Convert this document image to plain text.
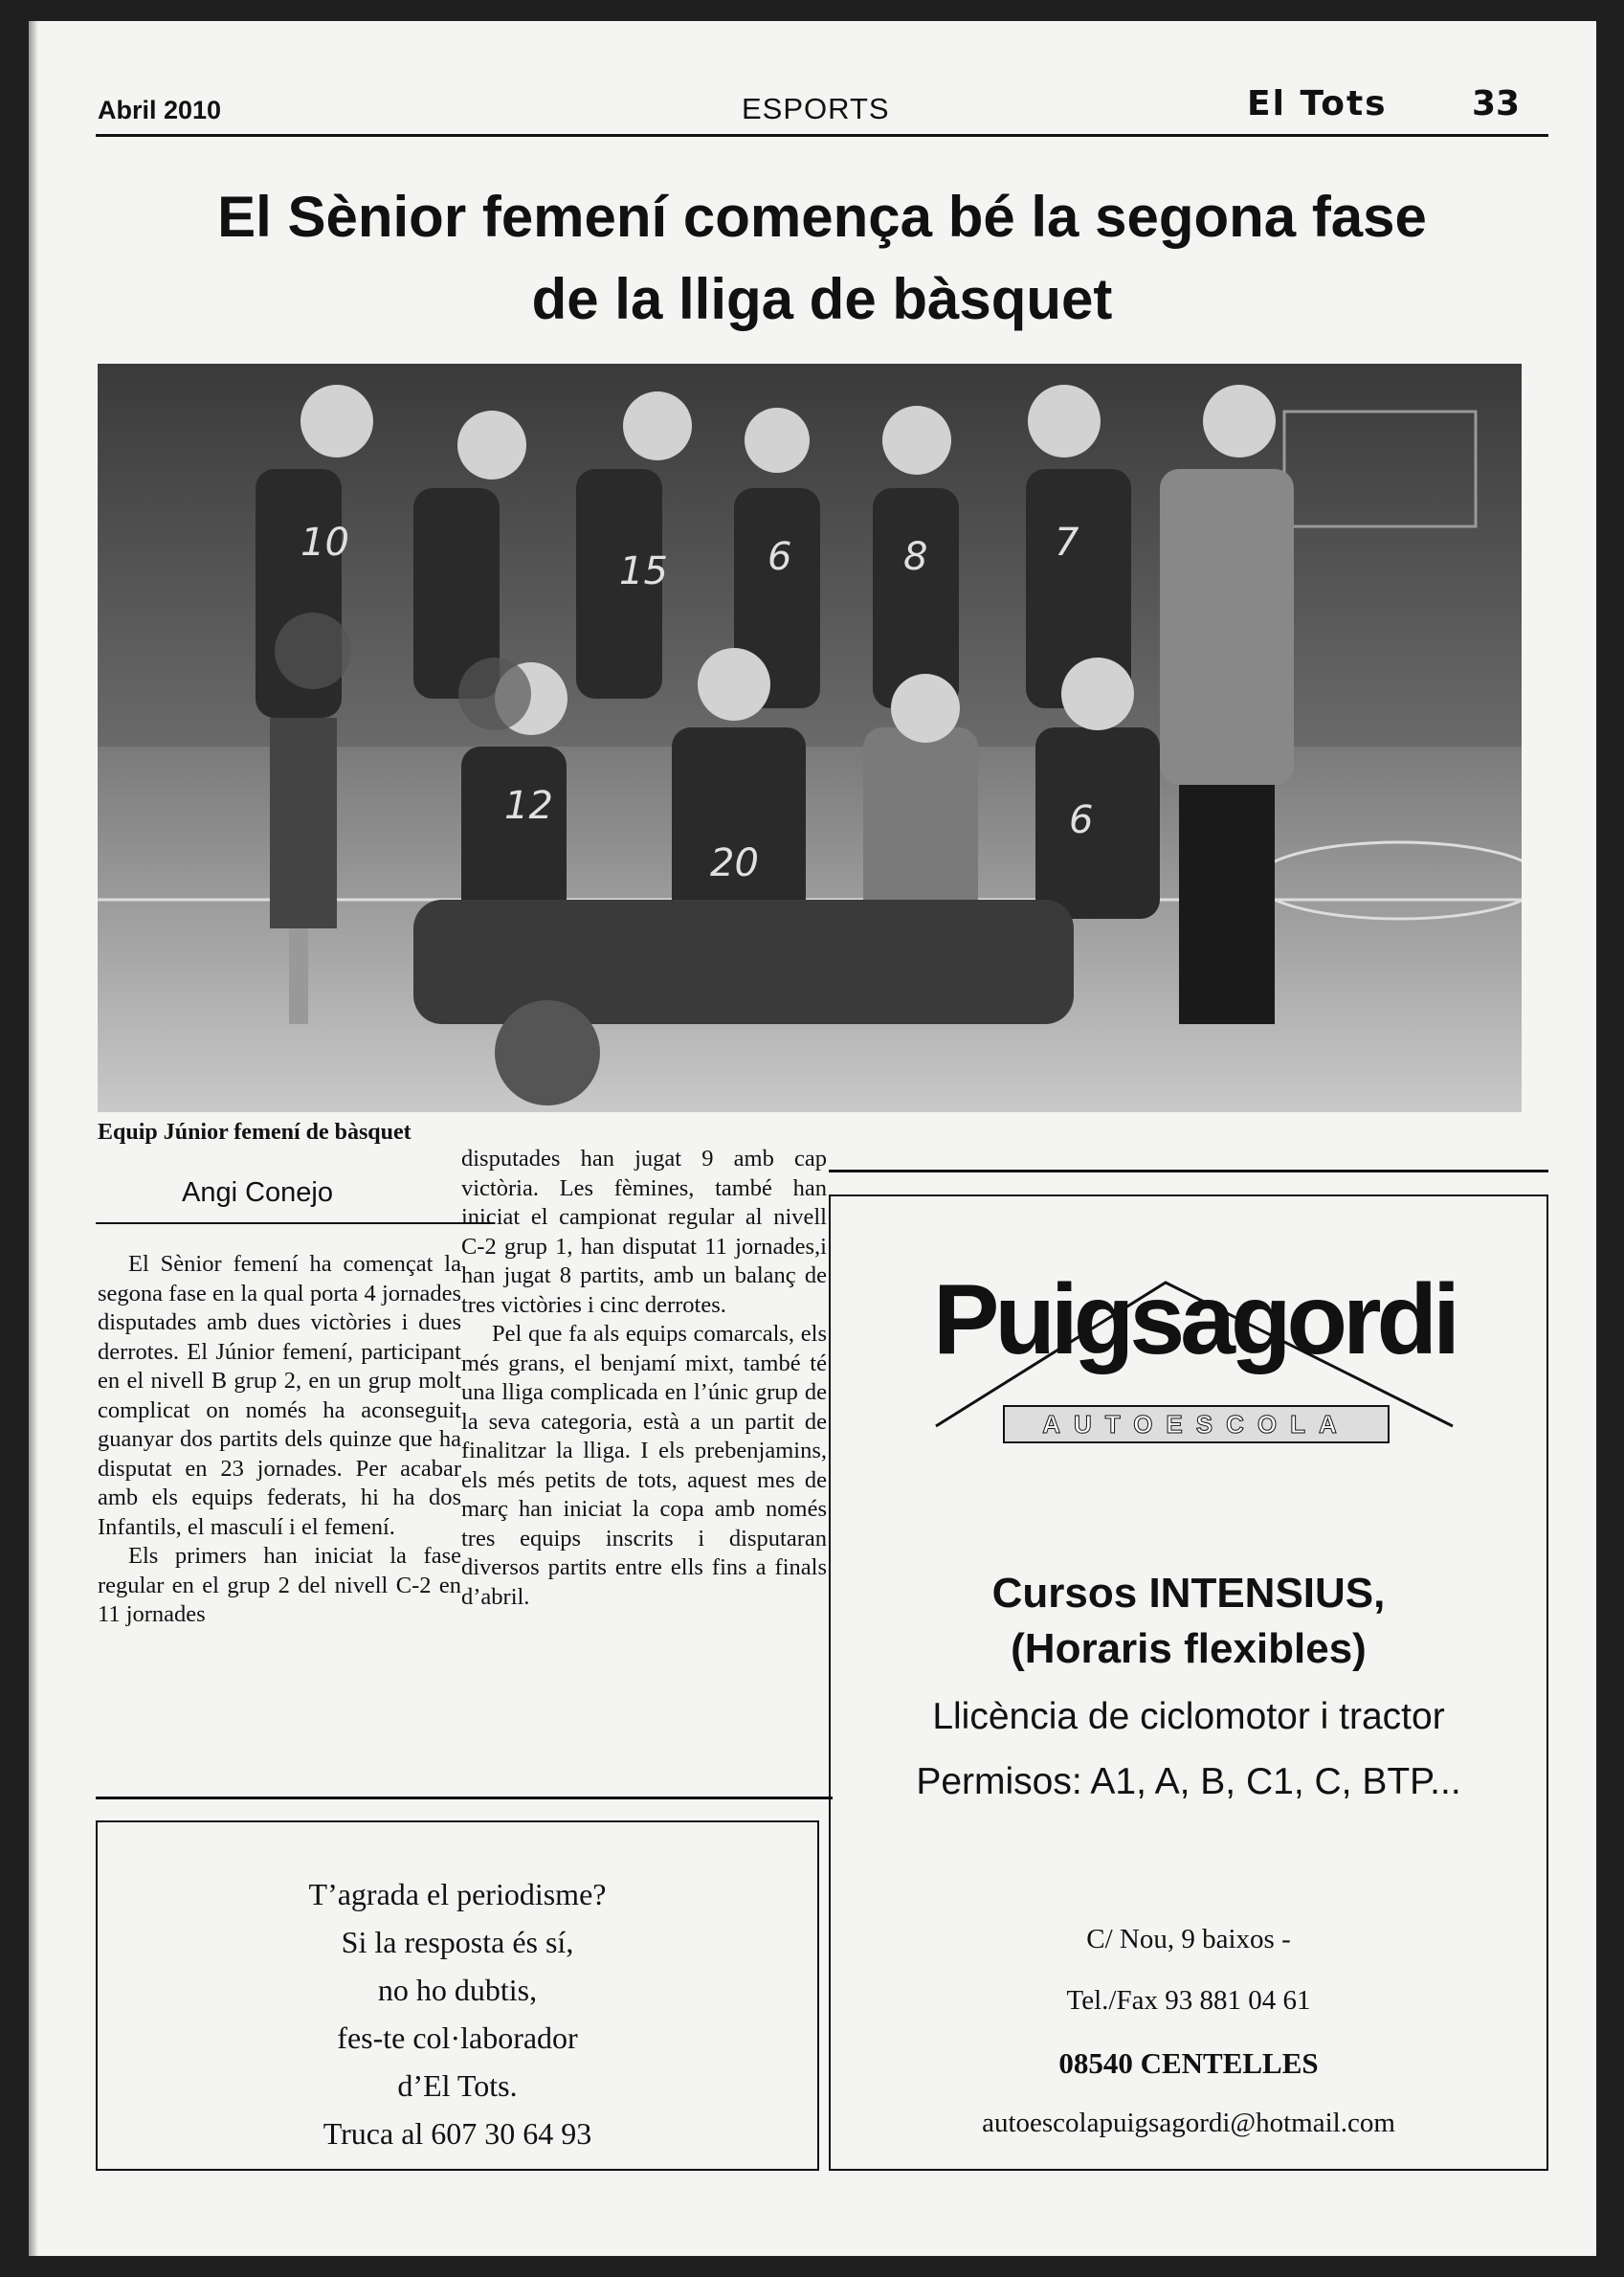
Abril 2010	ESPORTS	El Tots 33
El Sènior femení comença bé la segona fase
de la lliga de bàsquet
10
15	6	8	7
12
20
6
Equip Júnior femení de bàsquet
Angi Conejo

El Sènior femení ha començat la segona fase en la qual porta 4 jornades disputades amb dues victòries i dues derrotes. El Júnior femení, participant en el nivell B grup 2, en un grup molt complicat on només ha aconseguit guanyar dos partits dels quinze que ha disputat en 23 jornades. Per acabar amb els equips federats, hi ha dos Infantils, el masculí i el femení.

Els primers han iniciat la fase regular en el grup 2 del nivell C-2 en 11 jornades

disputades han jugat 9 amb cap victòria. Les fèmines, també han iniciat el campionat regular al nivell C-2 grup 1, han disputat 11 jornades,i han jugat 8 partits, amb un balanç de tres victòries i cinc derrotes.

Pel que fa als equips comarcals, els més grans, el benjamí mixt, també té una lliga complicada en l’únic grup de la seva categoria, està a un partit de finalitzar la lliga. I els prebenjamins, els més petits de tots, aquest mes de març han iniciat la copa amb només tres equips inscrits i disputaran diversos partits entre ells fins a finals d’abril.

T’agrada el periodisme?
Si la resposta és sí,
no ho dubtis,
fes-te col·laborador
d’El Tots.
Truca al 607 30 64 93
Puigsagordi
AUTOESCOLA
Cursos INTENSIUS,
(Horaris flexibles)
Llicència de ciclomotor i tractor
Permisos: A1, A, B, C1, C, BTP...
C/ Nou, 9 baixos -
Tel./Fax 93 881 04 61
08540 CENTELLES
autoescolapuigsagordi@hotmail.com
